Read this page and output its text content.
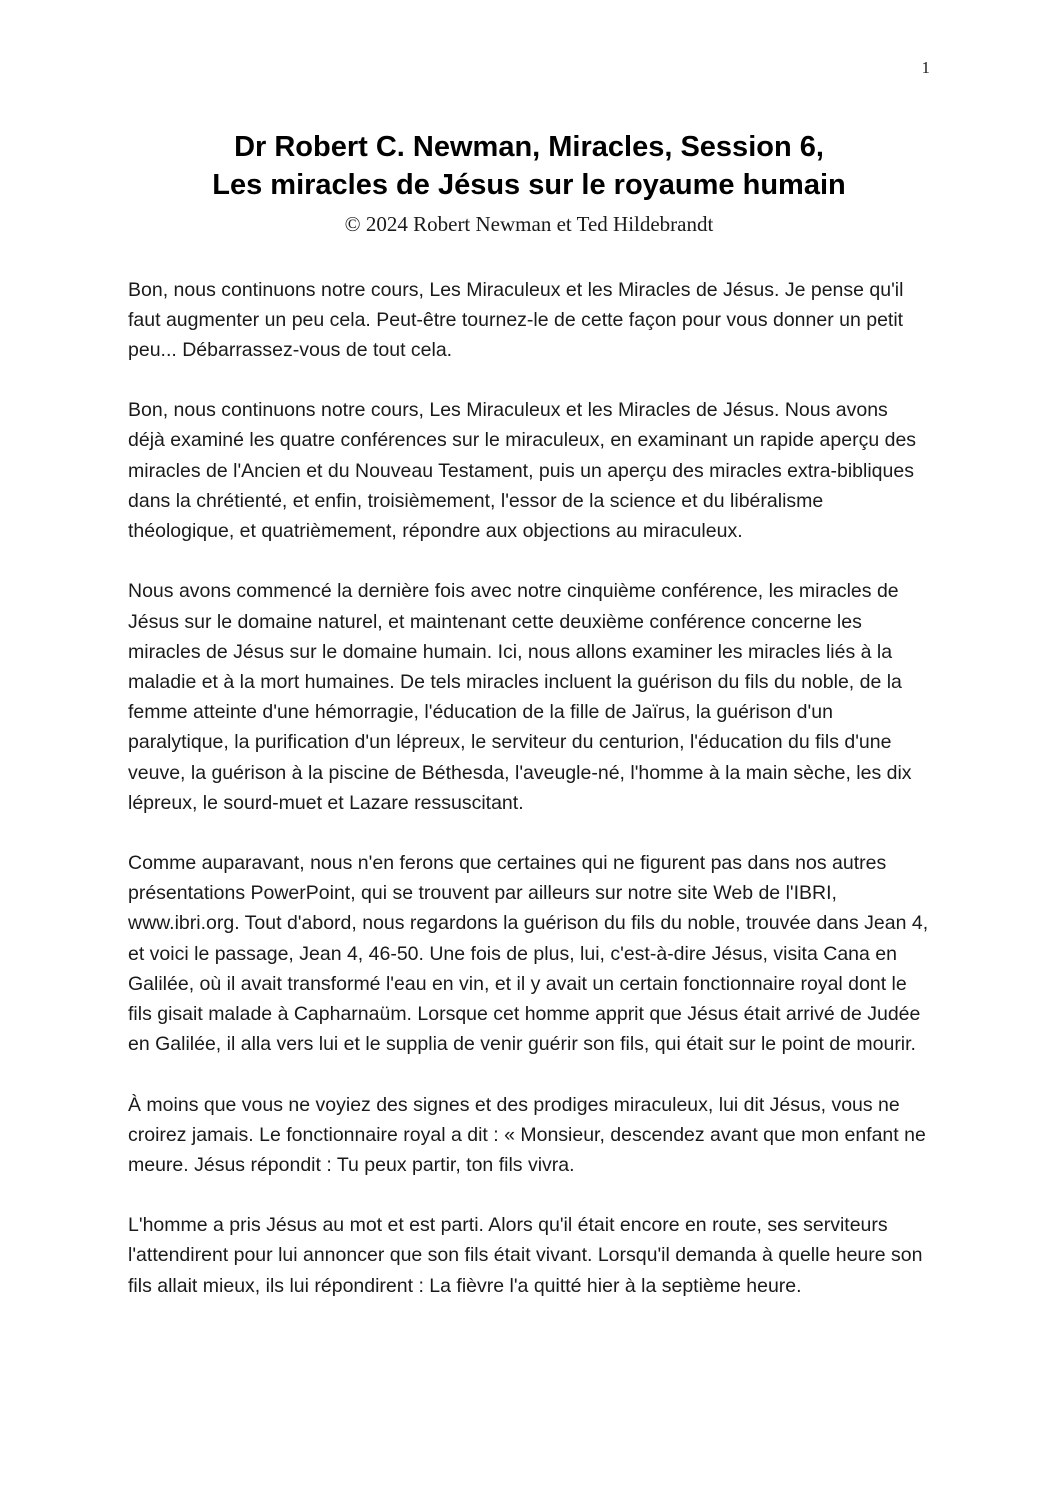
1
Dr Robert C. Newman, Miracles, Session 6,
Les miracles de Jésus sur le royaume humain
© 2024 Robert Newman et Ted Hildebrandt

Bon, nous continuons notre cours, Les Miraculeux et les Miracles de Jésus. Je pense qu'il faut augmenter un peu cela. Peut-être tournez-le de cette façon pour vous donner un petit peu... Débarrassez-vous de tout cela.

Bon, nous continuons notre cours, Les Miraculeux et les Miracles de Jésus. Nous avons déjà examiné les quatre conférences sur le miraculeux, en examinant un rapide aperçu des miracles de l'Ancien et du Nouveau Testament, puis un aperçu des miracles extra-bibliques dans la chrétienté, et enfin, troisièmement, l'essor de la science et du libéralisme théologique, et quatrièmement, répondre aux objections au miraculeux.

Nous avons commencé la dernière fois avec notre cinquième conférence, les miracles de Jésus sur le domaine naturel, et maintenant cette deuxième conférence concerne les miracles de Jésus sur le domaine humain. Ici, nous allons examiner les miracles liés à la maladie et à la mort humaines. De tels miracles incluent la guérison du fils du noble, de la femme atteinte d'une hémorragie, l'éducation de la fille de Jaïrus, la guérison d'un paralytique, la purification d'un lépreux, le serviteur du centurion, l'éducation du fils d'une veuve, la guérison à la piscine de Béthesda, l'aveugle-né, l'homme à la main sèche, les dix lépreux, le sourd-muet et Lazare ressuscitant.

Comme auparavant, nous n'en ferons que certaines qui ne figurent pas dans nos autres présentations PowerPoint, qui se trouvent par ailleurs sur notre site Web de l'IBRI, www.ibri.org. Tout d'abord, nous regardons la guérison du fils du noble, trouvée dans Jean 4, et voici le passage, Jean 4, 46-50. Une fois de plus, lui, c'est-à-dire Jésus, visita Cana en Galilée, où il avait transformé l'eau en vin, et il y avait un certain fonctionnaire royal dont le fils gisait malade à Capharnaüm. Lorsque cet homme apprit que Jésus était arrivé de Judée en Galilée, il alla vers lui et le supplia de venir guérir son fils, qui était sur le point de mourir.

À moins que vous ne voyiez des signes et des prodiges miraculeux, lui dit Jésus, vous ne croirez jamais. Le fonctionnaire royal a dit : « Monsieur, descendez avant que mon enfant ne meure. Jésus répondit : Tu peux partir, ton fils vivra.

L'homme a pris Jésus au mot et est parti. Alors qu'il était encore en route, ses serviteurs l'attendirent pour lui annoncer que son fils était vivant. Lorsqu'il demanda à quelle heure son fils allait mieux, ils lui répondirent : La fièvre l'a quitté hier à la septième heure.
